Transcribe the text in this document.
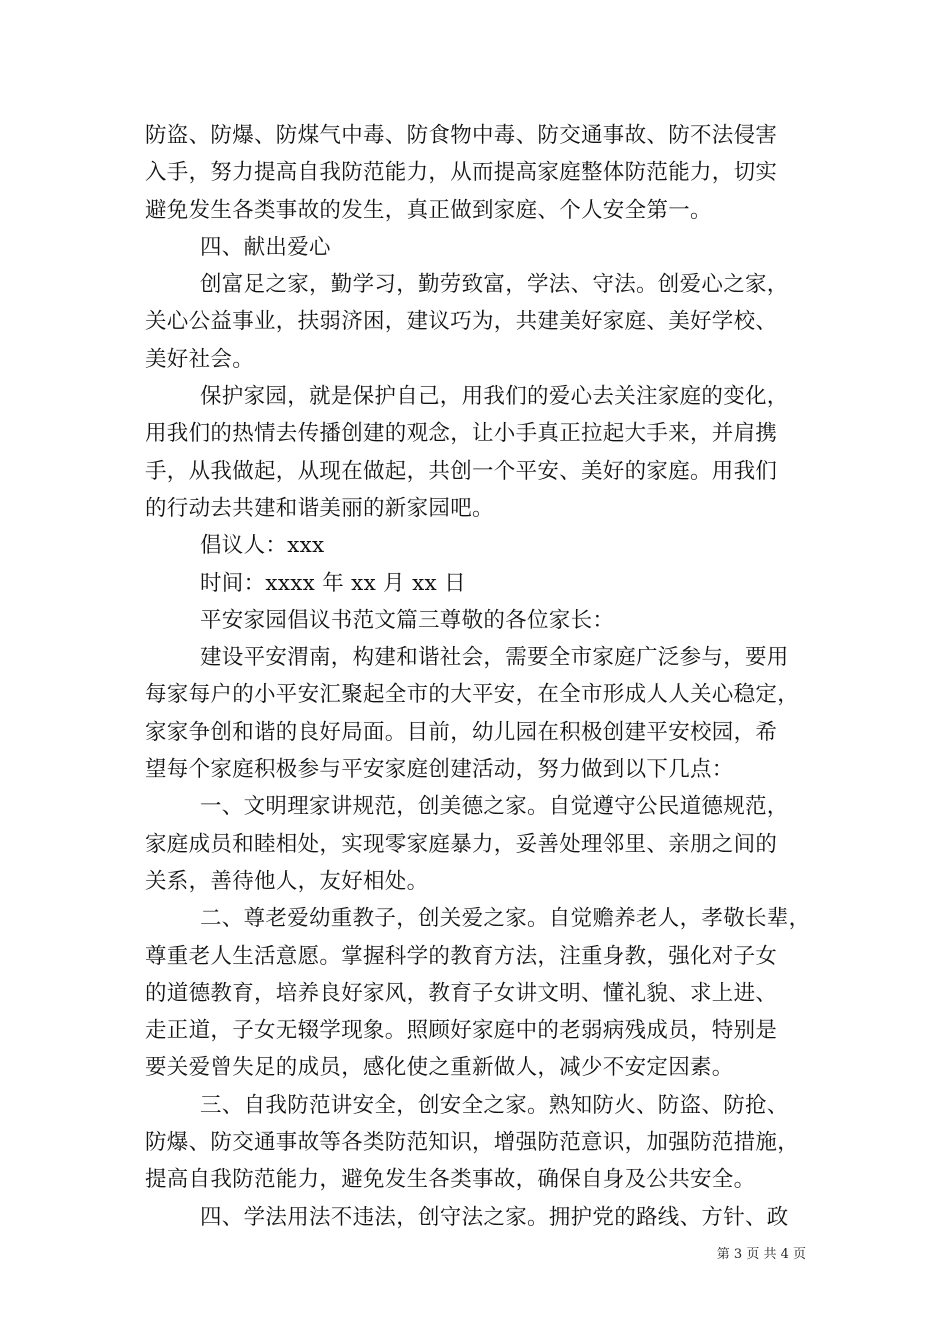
防盗、防爆、防煤气中毒、防食物中毒、防交通事故、防不法侵害

入手，努力提高自我防范能力，从而提高家庭整体防范能力，切实

避免发生各类事故的发生，真正做到家庭、个人安全第一。

四、献出爱心

创富足之家，勤学习，勤劳致富，学法、守法。创爱心之家，

关心公益事业，扶弱济困，建议巧为，共建美好家庭、美好学校、

美好社会。

保护家园，就是保护自己，用我们的爱心去关注家庭的变化，

用我们的热情去传播创建的观念，让小手真正拉起大手来，并肩携

手，从我做起，从现在做起，共创一个平安、美好的家庭。用我们

的行动去共建和谐美丽的新家园吧。

倡议人：xxx

时间：xxxx 年 xx 月 xx 日

平安家园倡议书范文篇三尊敬的各位家长：

建设平安渭南，构建和谐社会，需要全市家庭广泛参与，要用

每家每户的小平安汇聚起全市的大平安，在全市形成人人关心稳定，

家家争创和谐的良好局面。目前，幼儿园在积极创建平安校园，希

望每个家庭积极参与平安家庭创建活动，努力做到以下几点：

一、文明理家讲规范，创美德之家。自觉遵守公民道德规范，

家庭成员和睦相处，实现零家庭暴力，妥善处理邻里、亲朋之间的

关系，善待他人，友好相处。

二、尊老爱幼重教子，创关爱之家。自觉赡养老人，孝敬长辈，

尊重老人生活意愿。掌握科学的教育方法，注重身教，强化对子女

的道德教育，培养良好家风，教育子女讲文明、懂礼貌、求上进、

走正道，子女无辍学现象。照顾好家庭中的老弱病残成员，特别是

要关爱曾失足的成员，感化使之重新做人，减少不安定因素。

三、自我防范讲安全，创安全之家。熟知防火、防盗、防抢、

防爆、防交通事故等各类防范知识，增强防范意识，加强防范措施，

提高自我防范能力，避免发生各类事故，确保自身及公共安全。

四、学法用法不违法，创守法之家。拥护党的路线、方针、政

第 3 页 共 4 页
